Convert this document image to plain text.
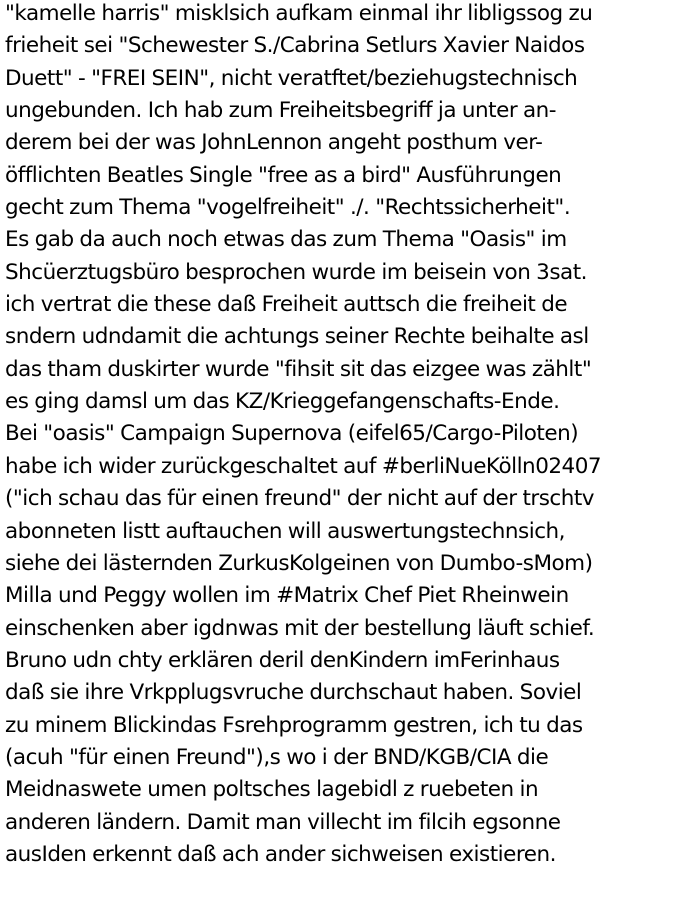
"kamelle harris" misklsich aufkam einmal ihr libligssog zu
frieheit sei "Schewester S./Cabrina Setlurs Xavier Naidos
Duett" - "FREI SEIN", nicht veratftet/beziehugstechnisch
ungebunden. Ich hab zum Freiheitsbegriff ja unter an-
derem bei der was JohnLennon angeht posthum ver-
öfflichten Beatles Single "free as a bird" Ausführungen
gecht zum Thema "vogelfreiheit" ./. "Rechtssicherheit".
Es gab da auch noch etwas das zum Thema "Oasis" im
Shcüerztugsbüro besprochen wurde im beisein von 3sat.
ich vertrat die these daß Freiheit auttsch die freiheit de
sndern udndamit die achtungs seiner Rechte beihalte asl
das tham duskirter wurde "fihsit sit das eizgee was zählt"
es ging damsl um das KZ/Krieggefangenschafts-Ende.
Bei "oasis" Campaign Supernova (eifel65/Cargo-Piloten)
habe ich wider zurückgeschaltet auf #berliNueKölln02407
("ich schau das für einen freund" der nicht auf der trschtv
abonneten listt auftauchen will auswertungstechnsich,
siehe dei lästernden ZurkusKolgeinen von Dumbo-sMom)
Milla und Peggy wollen im #Matrix Chef Piet Rheinwein
einschenken aber igdnwas mit der bestellung läuft schief.
Bruno udn chty erklären deril denKindern imFerinhaus
daß sie ihre Vrkpplugsvruche durchschaut haben. Soviel
zu minem Blickindas Fsrehprogramm gestren, ich tu das
(acuh "für einen Freund"),s wo i der BND/KGB/CIA die
Meidnaswete umen poltsches lagebidl z ruebeten in
anderen ländern. Damit man villecht im filcih egsonne
ausIden erkennt daß ach ander sichweisen existieren.
